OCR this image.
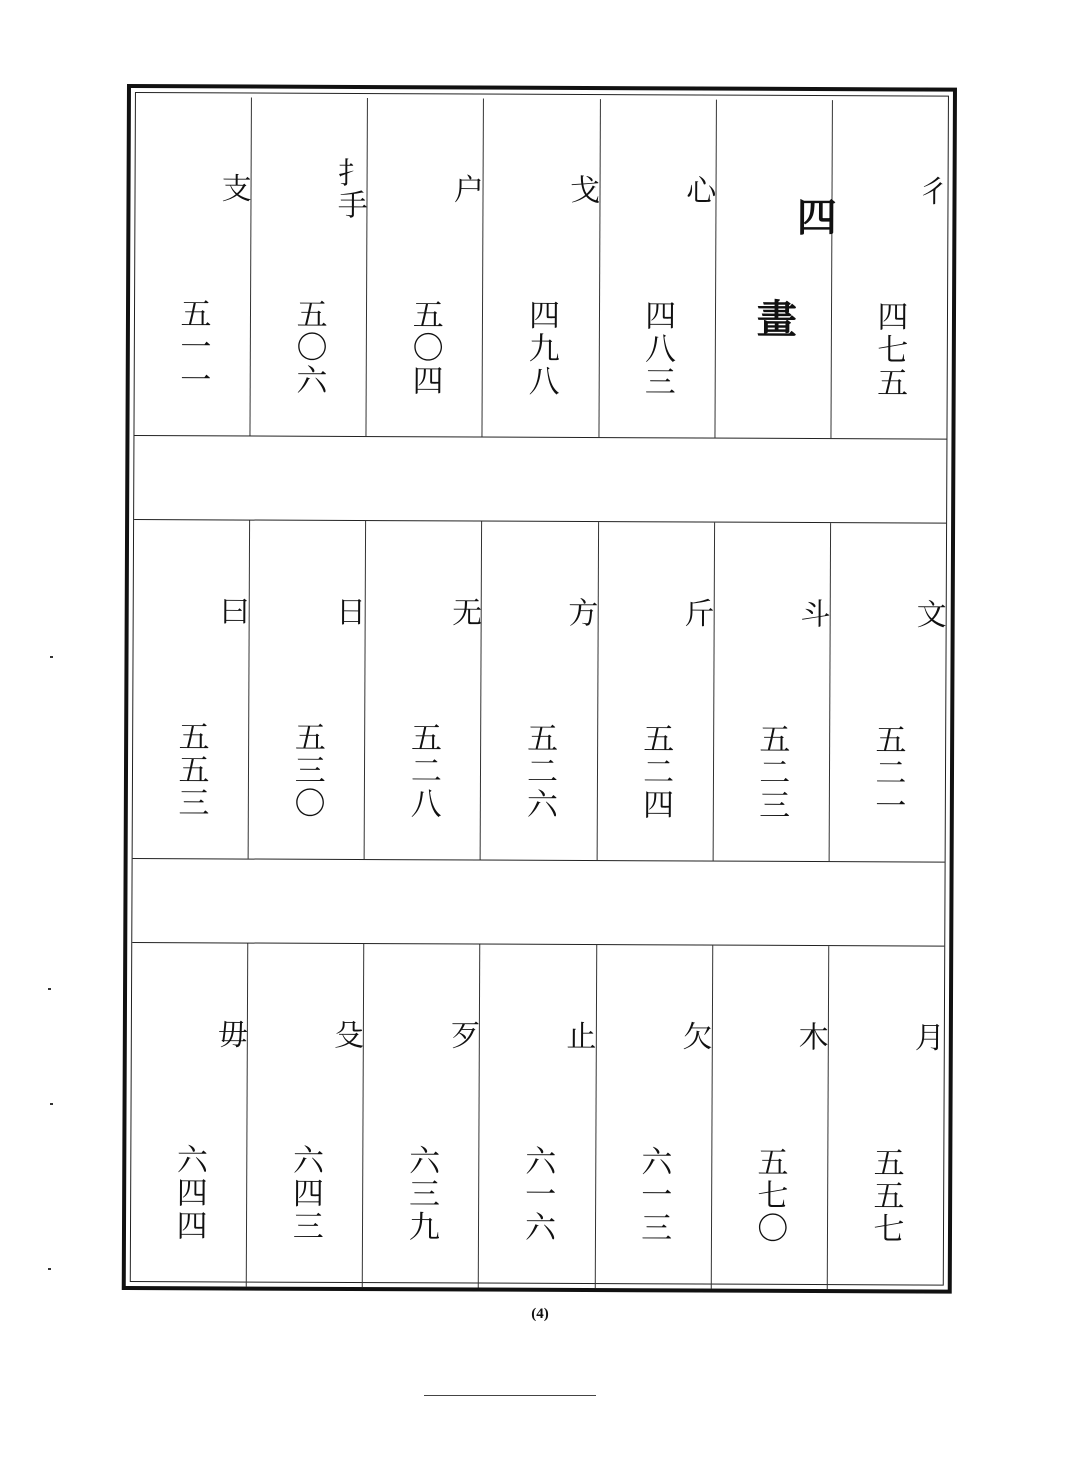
彳
四七五
四
畫
心
四八三
戈
四九八
户
五〇四
扌手
五〇六
支
五一一
文
五二一
斗
五二三
斤
五二四
方
五二六
无
五二八
日
五三〇
曰
五五三
月
五五七
木
五七〇
欠
六一三
止
六一六
歹
六三九
殳
六四三
毋
六四四
(4)
